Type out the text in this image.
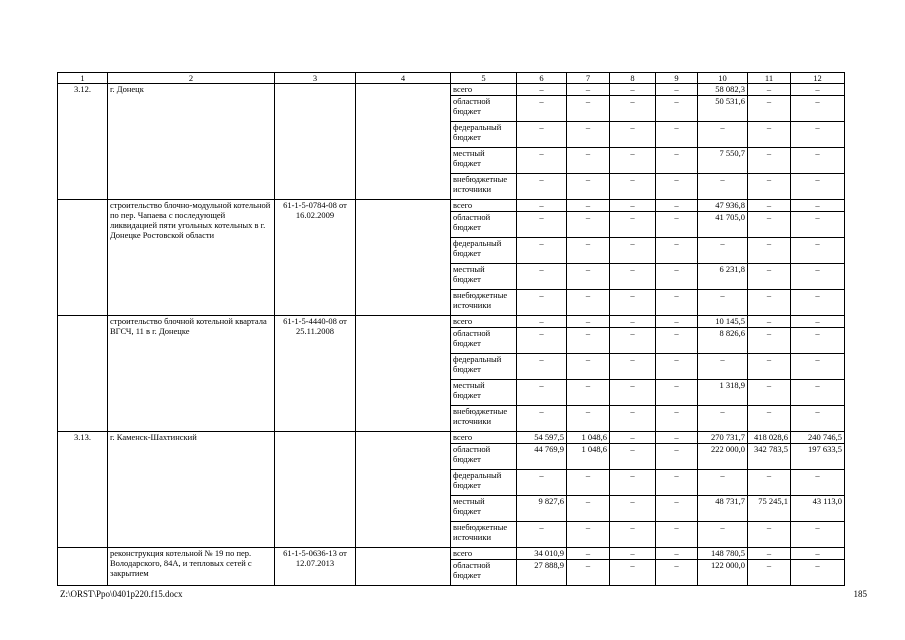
1	2	3	4	5	6	7	8	9	10	11	12
3.12.	г. Донецк			всего	–	–	–	–	58 082,3	–	–
				областной бюджет	–	–	–	–	50 531,6	–	–
				федеральный бюджет	–	–	–	–	–	–	–
				местный бюджет	–	–	–	–	7 550,7	–	–
				внебюджетные источники	–	–	–	–	–	–	–
	строительство блочно-модульной котельной по пер. Чапаева с последующей ликвидацией пяти угольных котельных в г. Донецке Ростовской области	61-1-5-0784-08 от 16.02.2009		всего	–	–	–	–	47 936,8	–	–
				областной бюджет	–	–	–	–	41 705,0	–	–
				федеральный бюджет	–	–	–	–	–	–	–
				местный бюджет	–	–	–	–	6 231,8	–	–
				внебюджетные источники	–	–	–	–	–	–	–
	строительство блочной котельной квартала ВГСЧ, 11 в г. Донецке	61-1-5-4440-08 от 25.11.2008		всего	–	–	–	–	10 145,5	–	–
				областной бюджет	–	–	–	–	8 826,6	–	–
				федеральный бюджет	–	–	–	–	–	–	–
				местный бюджет	–	–	–	–	1 318,9	–	–
				внебюджетные источники	–	–	–	–	–	–	–
3.13.	г. Каменск-Шахтинский			всего	54 597,5	1 048,6	–	–	270 731,7	418 028,6	240 746,5
				областной бюджет	44 769,9	1 048,6	–	–	222 000,0	342 783,5	197 633,5
				федеральный бюджет	–	–	–	–	–	–	–
				местный бюджет	9 827,6	–	–	–	48 731,7	75 245,1	43 113,0
				внебюджетные источники	–	–	–	–	–	–	–
	реконструкция котельной № 19 по пер. Володарского, 84А, и тепловых сетей с закрытием	61-1-5-0636-13 от 12.07.2013		всего	34 010,9	–	–	–	148 780,5	–	–
				областной бюджет	27 888,9	–	–	–	122 000,0	–	–
Z:\ORST\Ppo\0401p220.f15.docx	185
